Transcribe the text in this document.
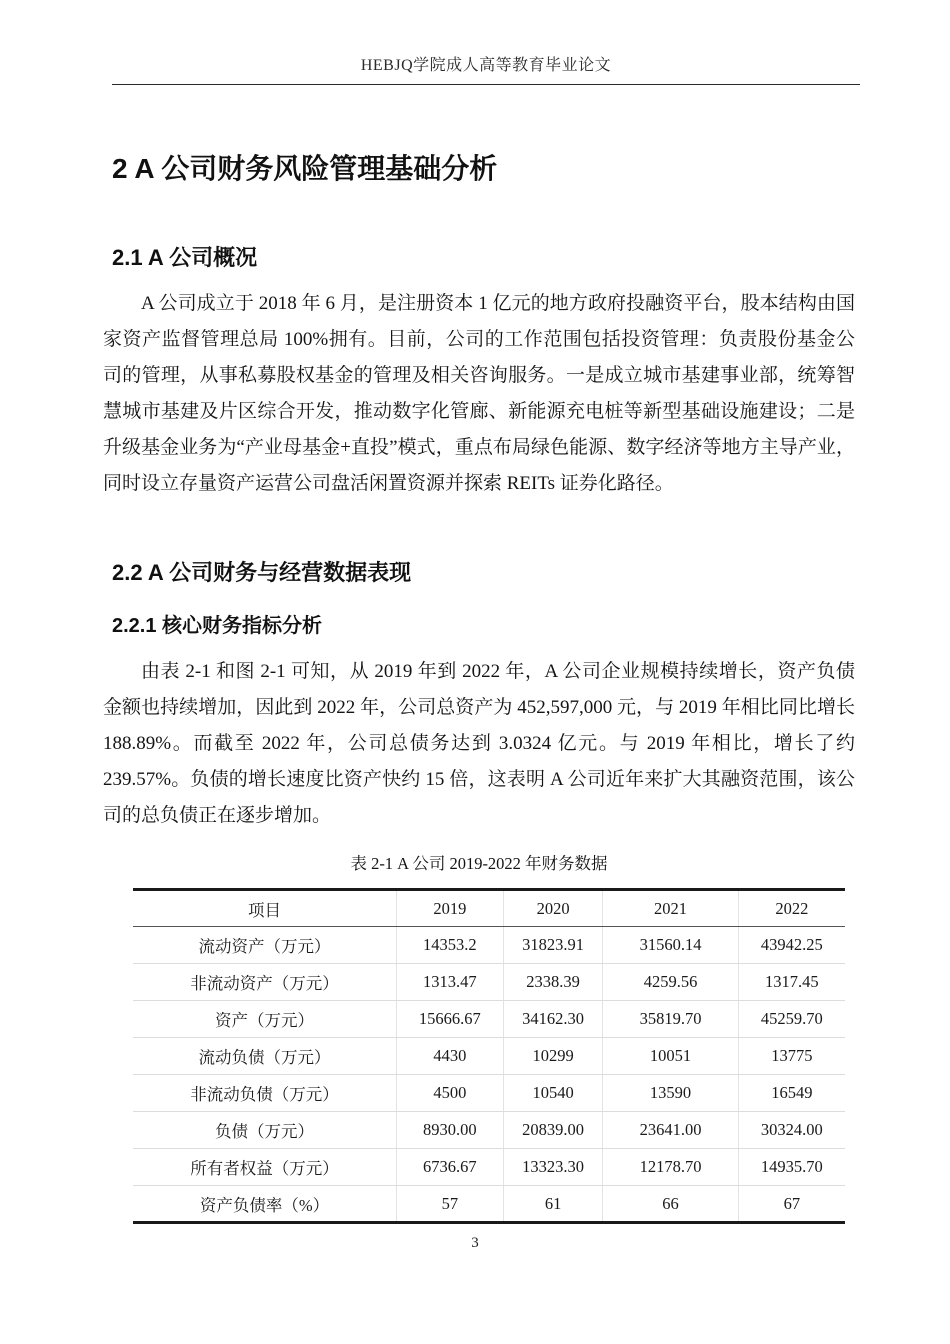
HEBJQ学院成人高等教育毕业论文
2 A 公司财务风险管理基础分析
2.1 A 公司概况

A 公司成立于 2018 年 6 月，是注册资本 1 亿元的地方政府投融资平台，股本结构由国家资产监督管理总局 100%拥有。目前，公司的工作范围包括投资管理：负责股份基金公司的管理，从事私募股权基金的管理及相关咨询服务。一是成立城市基建事业部，统筹智慧城市基建及片区综合开发，推动数字化管廊、新能源充电桩等新型基础设施建设；二是升级基金业务为“产业母基金+直投”模式，重点布局绿色能源、数字经济等地方主导产业，同时设立存量资产运营公司盘活闲置资源并探索 REITs 证券化路径。

2.2 A 公司财务与经营数据表现
2.2.1 核心财务指标分析

由表 2-1 和图 2-1 可知，从 2019 年到 2022 年，A 公司企业规模持续增长，资产负债金额也持续增加，因此到 2022 年，公司总资产为 452,597,000 元，与 2019 年相比同比增长 188.89%。而截至 2022 年，公司总债务达到 3.0324 亿元。与 2019 年相比，增长了约 239.57%。负债的增长速度比资产快约 15 倍，这表明 A 公司近年来扩大其融资范围，该公司的总负债正在逐步增加。

表 2-1 A 公司 2019-2022 年财务数据
项目	2019	2020	2021	2022
流动资产（万元）	14353.2	31823.91	31560.14	43942.25
非流动资产（万元）	1313.47	2338.39	4259.56	1317.45
资产（万元）	15666.67	34162.30	35819.70	45259.70
流动负债（万元）	4430	10299	10051	13775
非流动负债（万元）	4500	10540	13590	16549
负债（万元）	8930.00	20839.00	23641.00	30324.00
所有者权益（万元）	6736.67	13323.30	12178.70	14935.70
资产负债率（%）	57	61	66	67
3
